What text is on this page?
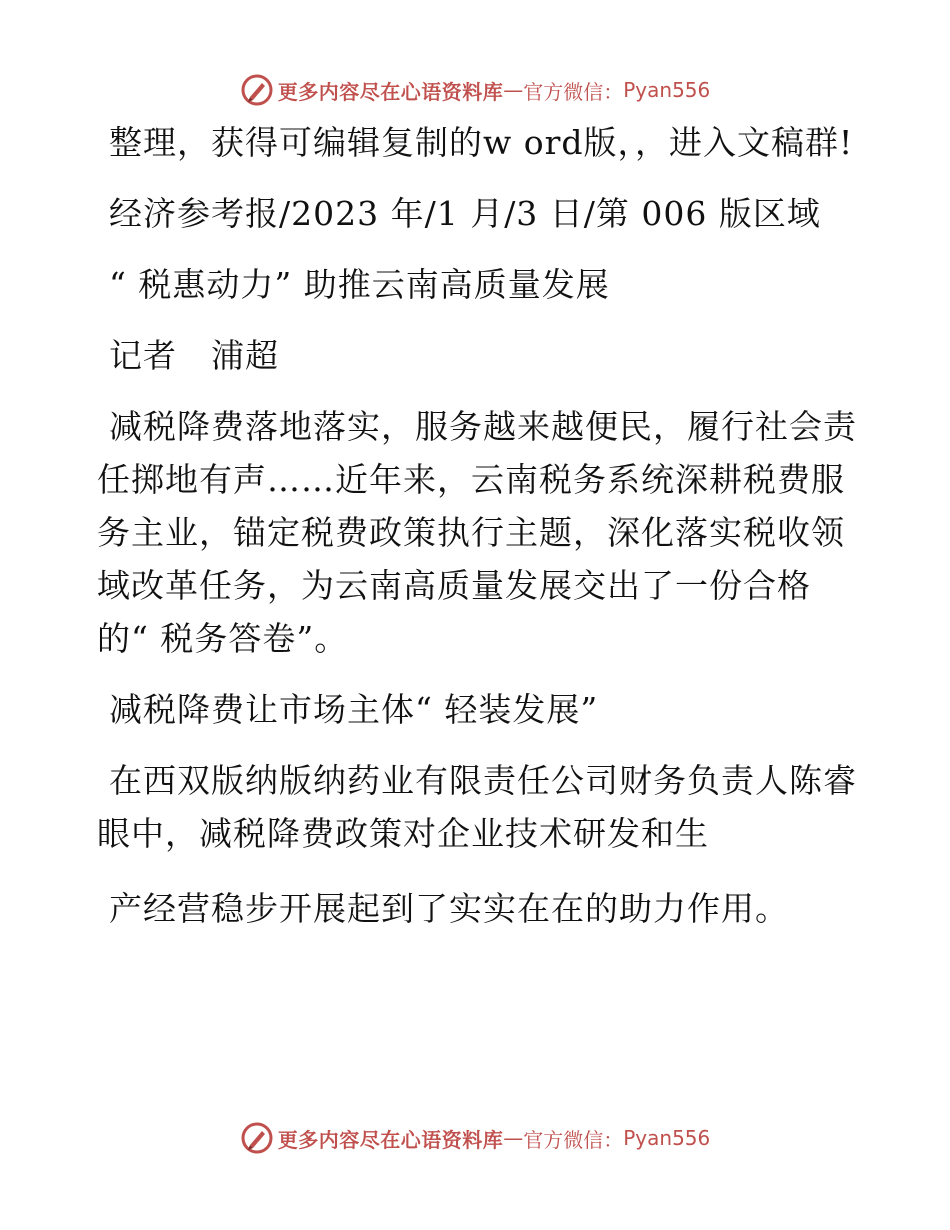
更多内容尽在心语资料库 — 官方微信： Pyan556

整理，获得可编辑复制的w ord版，，进入文稿群!

经济参考报/2023 年/1 月/3 日/第 006 版区域

“ 税惠动力” 助推云南高质量发展

记者　浦超

减税降费落地落实，服务越来越便民，履行社会责任掷地有声……近年来，云南税务系统深耕税费服务主业，锚定税费政策执行主题，深化落实税收领域改革任务，为云南高质量发展交出了一份合格的“ 税务答卷”。

减税降费让市场主体“ 轻装发展”

在西双版纳版纳药业有限责任公司财务负责人陈睿眼中，减税降费政策对企业技术研发和生

产经营稳步开展起到了实实在在的助力作用。

更多内容尽在心语资料库 — 官方微信： Pyan556
